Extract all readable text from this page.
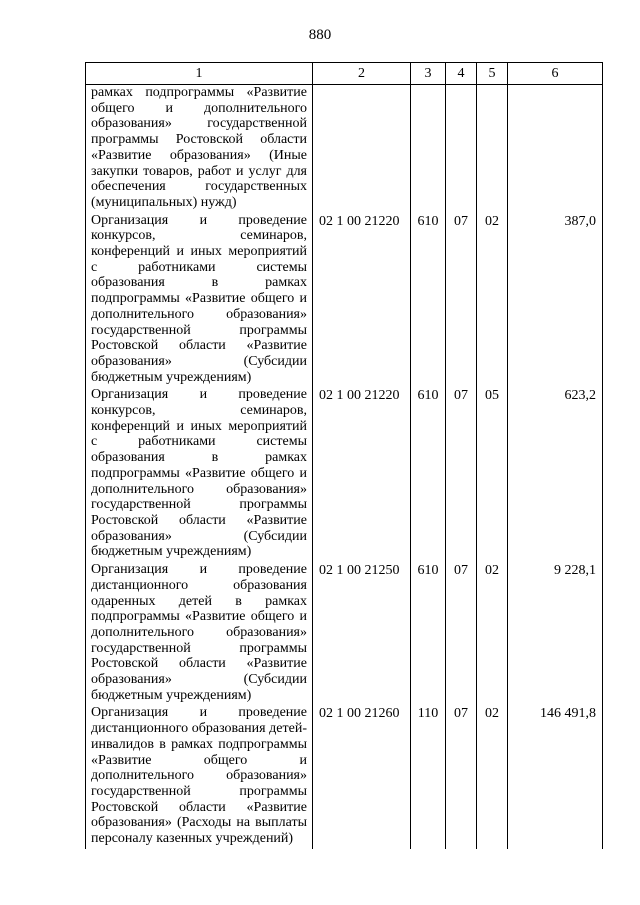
880
1	2	3	4	5	6
рамках подпрограммы «Развитие общего и дополнительного образования» государственной программы Ростовской области «Развитие образования» (Иные закупки товаров, работ и услуг для обеспечения государственных (муниципальных) нужд)					
Организация и проведение конкурсов, семинаров, конференций и иных мероприятий с работниками системы образования в рамках подпрограммы «Развитие общего и дополнительного образования» государственной программы Ростовской области «Развитие образования» (Субсидии бюджетным учреждениям)	02 1 00 21220	610	07	02	387,0
Организация и проведение конкурсов, семинаров, конференций и иных мероприятий с работниками системы образования в рамках подпрограммы «Развитие общего и дополнительного образования» государственной программы Ростовской области «Развитие образования» (Субсидии бюджетным учреждениям)	02 1 00 21220	610	07	05	623,2
Организация и проведение дистанционного образования одаренных детей в рамках подпрограммы «Развитие общего и дополнительного образования» государственной программы Ростовской области «Развитие образования» (Субсидии бюджетным учреждениям)	02 1 00 21250	610	07	02	9 228,1
Организация и проведение дистанционного образования детей-инвалидов в рамках подпрограммы «Развитие общего и дополнительного образования» государственной программы Ростовской области «Развитие образования» (Расходы на выплаты персоналу казенных учреждений)	02 1 00 21260	110	07	02	146 491,8
